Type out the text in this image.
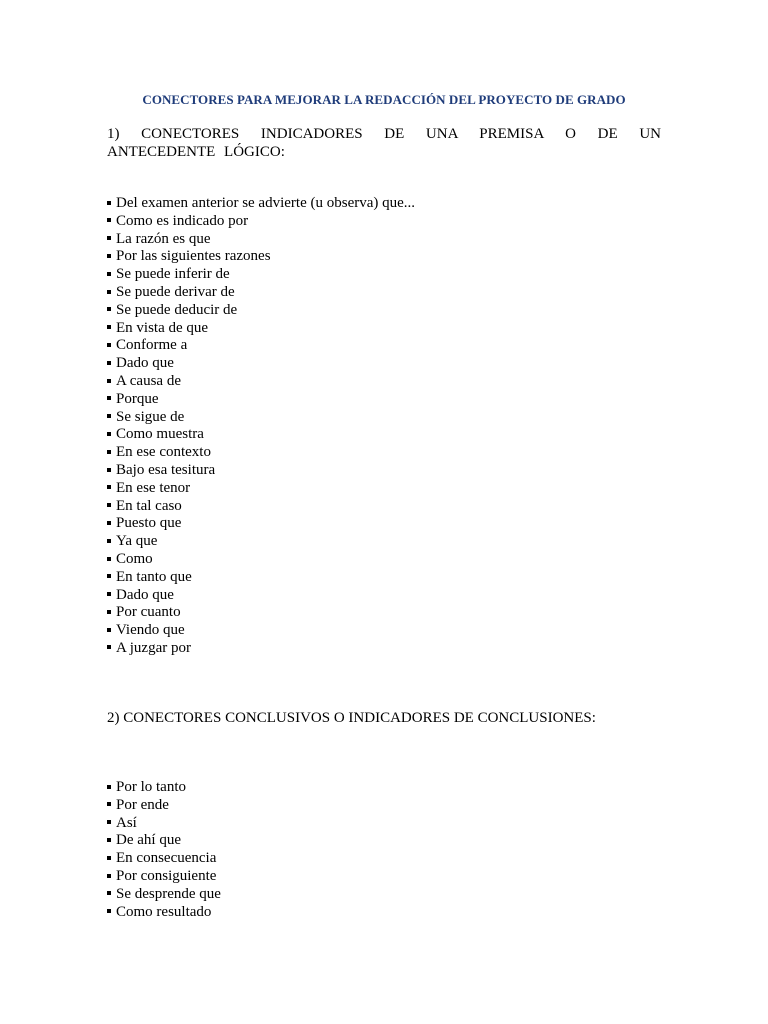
CONECTORES PARA MEJORAR LA REDACCIÓN DEL PROYECTO DE GRADO

1) CONECTORES INDICADORES DE UNA PREMISA O DE UN ANTECEDENTE LÓGICO:

Del examen anterior se advierte (u observa) que...
Como es indicado por
La razón es que
Por las siguientes razones
Se puede inferir de
Se puede derivar de
Se puede deducir de
En vista de que
Conforme a
Dado que
A causa de
Porque
Se sigue de
Como muestra
En ese contexto
Bajo esa tesitura
En ese tenor
En tal caso
Puesto que
Ya que
Como
En tanto que
Dado que
Por cuanto
Viendo que
A juzgar por

2) CONECTORES CONCLUSIVOS O INDICADORES DE CONCLUSIONES:

Por lo tanto
Por ende
Así
De ahí que
En consecuencia
Por consiguiente
Se desprende que
Como resultado
